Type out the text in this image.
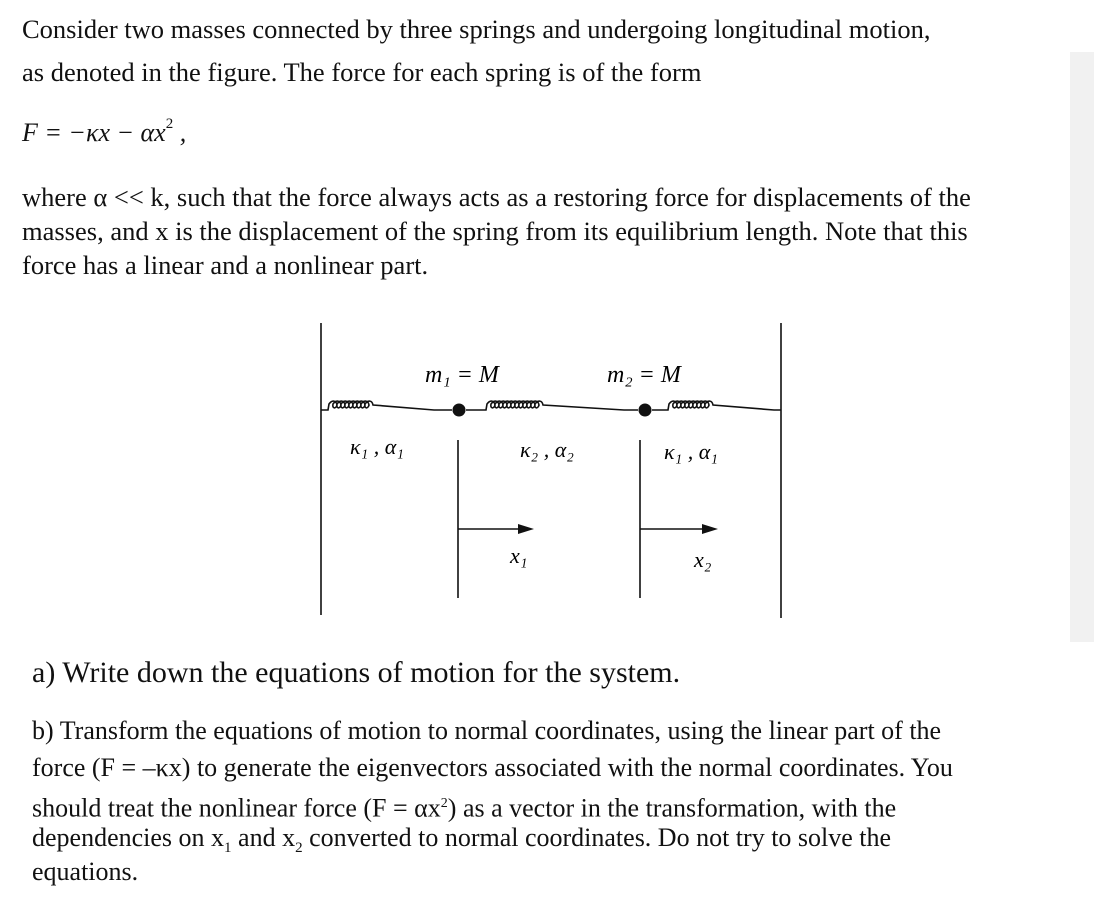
Consider two masses connected by three springs and undergoing longitudinal motion,
as denoted in the figure. The force for each spring is of the form
$F = -\kappa x - \alpha x^2$ ,
where α << k, such that the force always acts as a restoring force for displacements of the
masses, and x is the displacement of the spring from its equilibrium length. Note that this
force has a linear and a nonlinear part.
m₁ = M	m₂ = M
κ₁ , α₁	κ₂ , α₂	κ₁ , α₁
x₁	x₂
a) Write down the equations of motion for the system.
b) Transform the equations of motion to normal coordinates, using the linear part of the
force (F = –κx) to generate the eigenvectors associated with the normal coordinates. You
should treat the nonlinear force $(F = \alpha x^2)$ as a vector in the transformation, with the
dependencies on $x_1$ and $x_2$ converted to normal coordinates. Do not try to solve the
equations.
